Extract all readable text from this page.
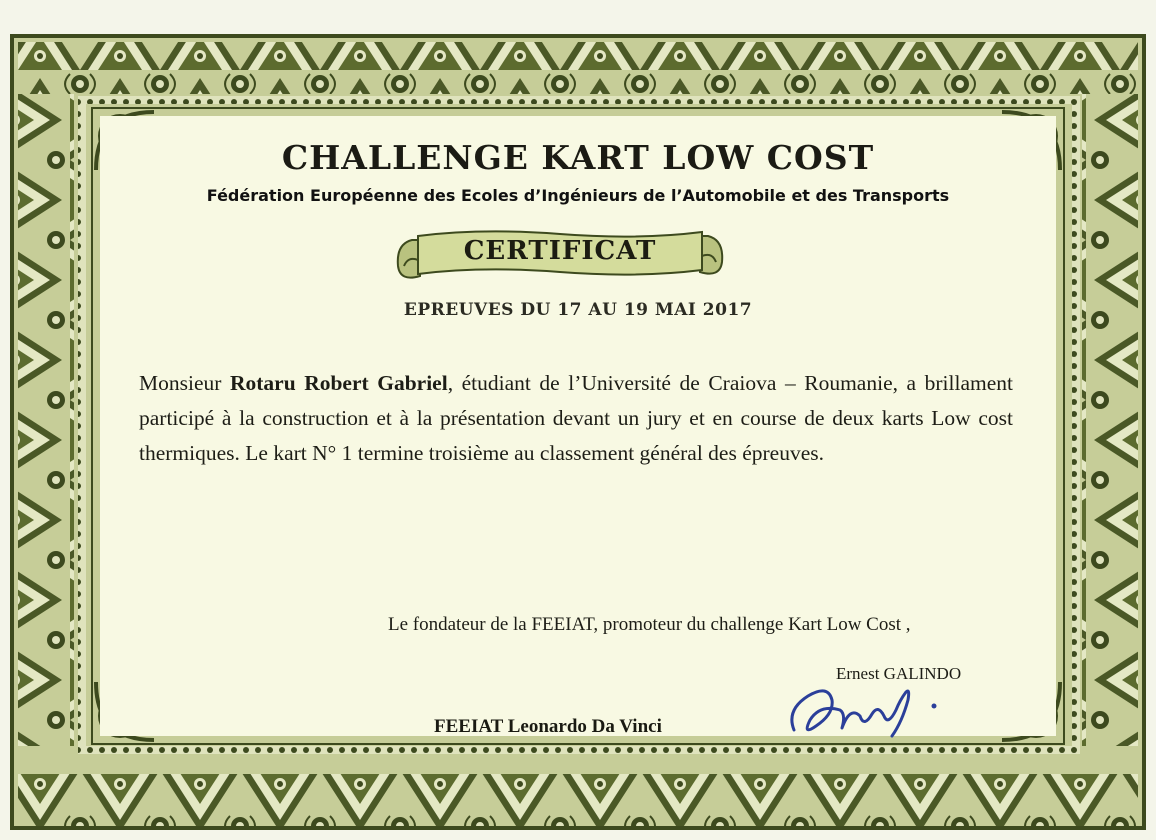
CHALLENGE KART LOW COST
Fédération Européenne des Ecoles d’Ingénieurs de l’Automobile et des Transports
CERTIFICAT
EPREUVES DU 17 AU 19 MAI 2017
Monsieur Rotaru Robert Gabriel, étudiant de l’Université de Craiova – Roumanie, a brillament participé à la construction et à la présentation devant un jury et en course de deux karts Low cost thermiques. Le kart N° 1 termine troisième au classement général des épreuves.
Le fondateur de la FEEIAT, promoteur du challenge Kart Low Cost ,
Ernest GALINDO
FEEIAT Leonardo Da Vinci
